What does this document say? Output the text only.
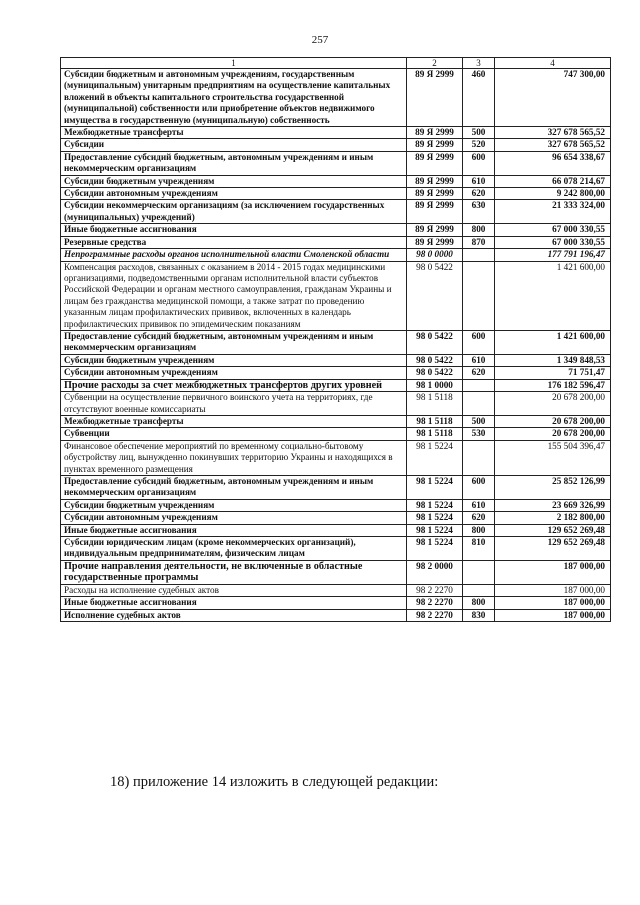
257
1	2	3	4
Субсидии бюджетным и автономным учреждениям, государственным (муниципальным) унитарным предприятиям на осуществление капитальных вложений в объекты капитального строительства государственной (муниципальной) собственности или приобретение объектов недвижимого имущества в государственную (муниципальную) собственность	89 Я 2999	460	747 300,00
Межбюджетные трансферты	89 Я 2999	500	327 678 565,52
Субсидии	89 Я 2999	520	327 678 565,52
Предоставление субсидий бюджетным, автономным учреждениям и иным некоммерческим организациям	89 Я 2999	600	96 654 338,67
Субсидии бюджетным учреждениям	89 Я 2999	610	66 078 214,67
Субсидии автономным учреждениям	89 Я 2999	620	9 242 800,00
Субсидии некоммерческим организациям (за исключением государственных (муниципальных) учреждений)	89 Я 2999	630	21 333 324,00
Иные бюджетные ассигнования	89 Я 2999	800	67 000 330,55
Резервные средства	89 Я 2999	870	67 000 330,55
Непрограммные расходы органов исполнительной власти Смоленской области	98 0 0000		177 791 196,47
Компенсация расходов, связанных с оказанием в 2014 - 2015 годах медицинскими организациями, подведомственными органам исполнительной власти субъектов Российской Федерации и органам местного самоуправления, гражданам Украины и лицам без гражданства медицинской помощи, а также затрат по проведению указанным лицам профилактических прививок, включенных в календарь профилактических прививок по эпидемическим показаниям	98 0 5422		1 421 600,00
Предоставление субсидий бюджетным, автономным учреждениям и иным некоммерческим организациям	98 0 5422	600	1 421 600,00
Субсидии бюджетным учреждениям	98 0 5422	610	1 349 848,53
Субсидии автономным учреждениям	98 0 5422	620	71 751,47
Прочие расходы за счет межбюджетных трансфертов других уровней	98 1 0000		176 182 596,47
Субвенции на осуществление первичного воинского учета на территориях, где отсутствуют военные комиссариаты	98 1 5118		20 678 200,00
Межбюджетные трансферты	98 1 5118	500	20 678 200,00
Субвенции	98 1 5118	530	20 678 200,00
Финансовое обеспечение мероприятий по временному социально-бытовому обустройству лиц, вынужденно покинувших территорию Украины и находящихся в пунктах временного размещения	98 1 5224		155 504 396,47
Предоставление субсидий бюджетным, автономным учреждениям и иным некоммерческим организациям	98 1 5224	600	25 852 126,99
Субсидии бюджетным учреждениям	98 1 5224	610	23 669 326,99
Субсидии автономным учреждениям	98 1 5224	620	2 182 800,00
Иные бюджетные ассигнования	98 1 5224	800	129 652 269,48
Субсидии юридическим лицам (кроме некоммерческих организаций), индивидуальным предпринимателям, физическим лицам	98 1 5224	810	129 652 269,48
Прочие направления деятельности, не включенные в областные государственные программы	98 2 0000		187 000,00
Расходы на исполнение судебных актов	98 2 2270		187 000,00
Иные бюджетные ассигнования	98 2 2270	800	187 000,00
Исполнение судебных актов	98 2 2270	830	187 000,00
18) приложение 14 изложить в следующей редакции:
